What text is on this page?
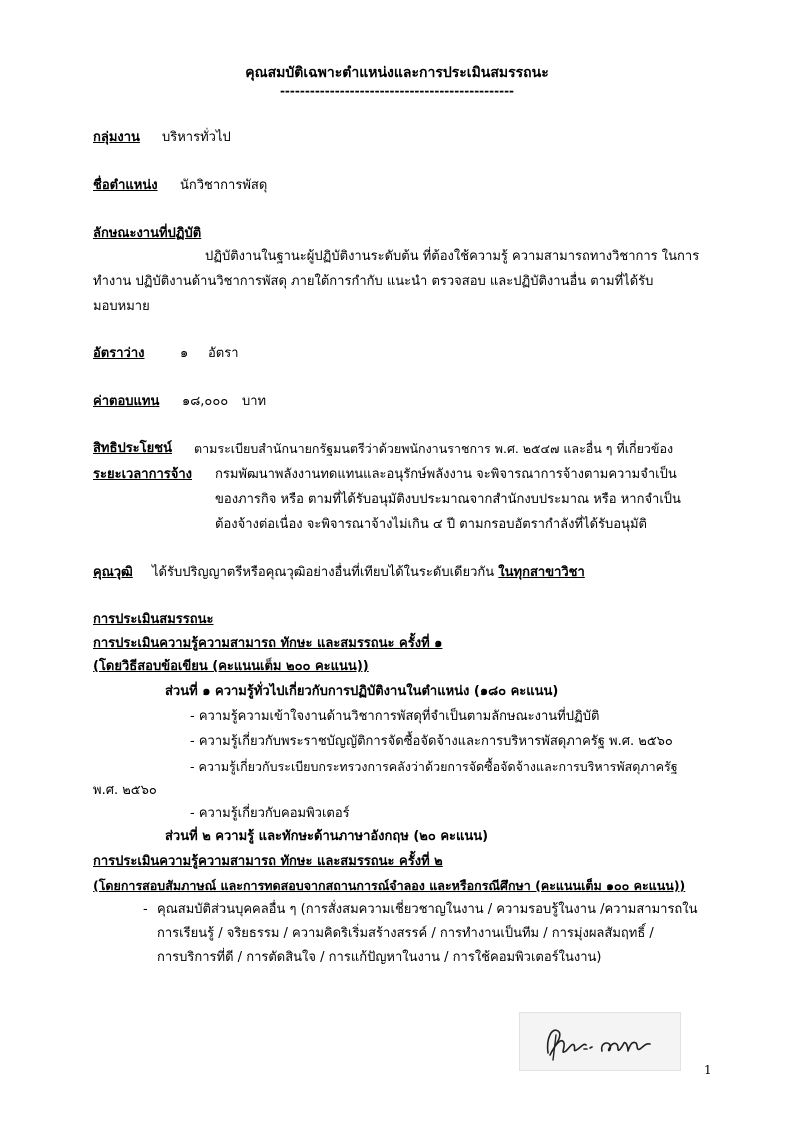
คุณสมบัติเฉพาะตำแหน่งและการประเมินสมรรถนะ
-----------------------------------------------
กลุ่มงาน บริหารทั่วไป
ชื่อตำแหน่ง นักวิชาการพัสดุ
ลักษณะงานที่ปฏิบัติ
ปฏิบัติงานในฐานะผู้ปฏิบัติงานระดับต้น ที่ต้องใช้ความรู้ ความสามารถทางวิชาการ ในการ
ทำงาน ปฏิบัติงานด้านวิชาการพัสดุ ภายใต้การกำกับ แนะนำ ตรวจสอบ และปฏิบัติงานอื่น ตามที่ได้รับ
มอบหมาย
อัตราว่าง	๑ อัตรา
ค่าตอบแทน ๑๘,๐๐๐ บาท
สิทธิประโยชน์ ตามระเบียบสำนักนายกรัฐมนตรีว่าด้วยพนักงานราชการ พ.ศ. ๒๕๔๗ และอื่น ๆ ที่เกี่ยวข้อง
ระยะเวลาการจ้าง กรมพัฒนาพลังงานทดแทนและอนุรักษ์พลังงาน จะพิจารณาการจ้างตามความจำเป็น
ของภารกิจ หรือ ตามที่ได้รับอนุมัติงบประมาณจากสำนักงบประมาณ หรือ หากจำเป็น
ต้องจ้างต่อเนื่อง จะพิจารณาจ้างไม่เกิน ๔ ปี ตามกรอบอัตรากำลังที่ได้รับอนุมัติ
คุณวุฒิ ได้รับปริญญาตรีหรือคุณวุฒิอย่างอื่นที่เทียบได้ในระดับเดียวกัน ในทุกสาขาวิชา
การประเมินสมรรถนะ
การประเมินความรู้ความสามารถ ทักษะ และสมรรถนะ ครั้งที่ ๑
(โดยวิธีสอบข้อเขียน (คะแนนเต็ม ๒๐๐ คะแนน))
ส่วนที่ ๑ ความรู้ทั่วไปเกี่ยวกับการปฏิบัติงานในตำแหน่ง (๑๘๐ คะแนน)
- ความรู้ความเข้าใจงานด้านวิชาการพัสดุที่จำเป็นตามลักษณะงานที่ปฏิบัติ
- ความรู้เกี่ยวกับพระราชบัญญัติการจัดซื้อจัดจ้างและการบริหารพัสดุภาครัฐ พ.ศ. ๒๕๖๐
- ความรู้เกี่ยวกับระเบียบกระทรวงการคลังว่าด้วยการจัดซื้อจัดจ้างและการบริหารพัสดุภาครัฐ
พ.ศ. ๒๕๖๐
- ความรู้เกี่ยวกับคอมพิวเตอร์
ส่วนที่ ๒ ความรู้ และทักษะด้านภาษาอังกฤษ (๒๐ คะแนน)
การประเมินความรู้ความสามารถ ทักษะ และสมรรถนะ ครั้งที่ ๒
(โดยการสอบสัมภาษณ์ และการทดสอบจากสถานการณ์จำลอง และหรือกรณีศึกษา (คะแนนเต็ม ๑๐๐ คะแนน))
- คุณสมบัติส่วนบุคคลอื่น ๆ (การสั่งสมความเชี่ยวชาญในงาน / ความรอบรู้ในงาน /ความสามารถใน
การเรียนรู้ / จริยธรรม / ความคิดริเริ่มสร้างสรรค์ / การทำงานเป็นทีม / การมุ่งผลสัมฤทธิ์ /
การบริการที่ดี / การตัดสินใจ / การแก้ปัญหาในงาน / การใช้คอมพิวเตอร์ในงาน)
1
